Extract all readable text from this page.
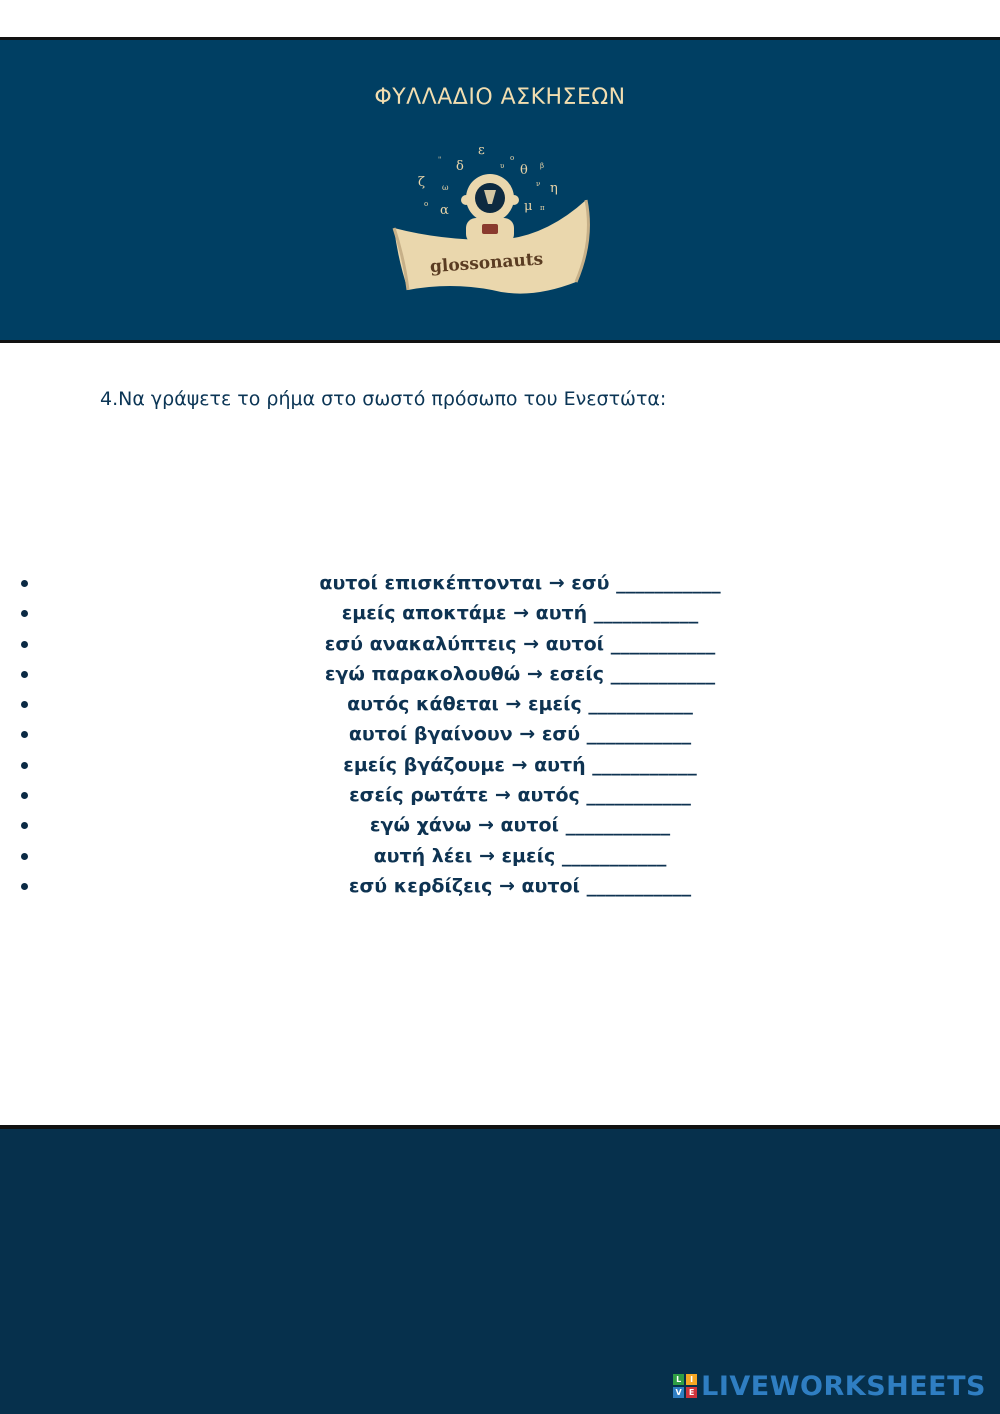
ΦΥΛΛΑΔΙΟ ΑΣΚΗΣΕΩΝ
ζ
α
δ
ε
θ
η
μ
ω
"
β
ο
υ
ν
π
ο
glossonauts
4.Να γράψετε το ρήμα στο σωστό πρόσωπο του Ενεστώτα:
αυτοί επισκέπτονται → εσύ ___________
εμείς αποκτάμε → αυτή ___________
εσύ ανακαλύπτεις → αυτοί ___________
εγώ παρακολουθώ → εσείς ___________
αυτός κάθεται → εμείς ___________
αυτοί βγαίνουν → εσύ ___________
εμείς βγάζουμε → αυτή ___________
εσείς ρωτάτε → αυτός ___________
εγώ χάνω → αυτοί ___________
αυτή λέει → εμείς ___________
εσύ κερδίζεις → αυτοί ___________
L	I
V E LIVEWORKSHEETS
